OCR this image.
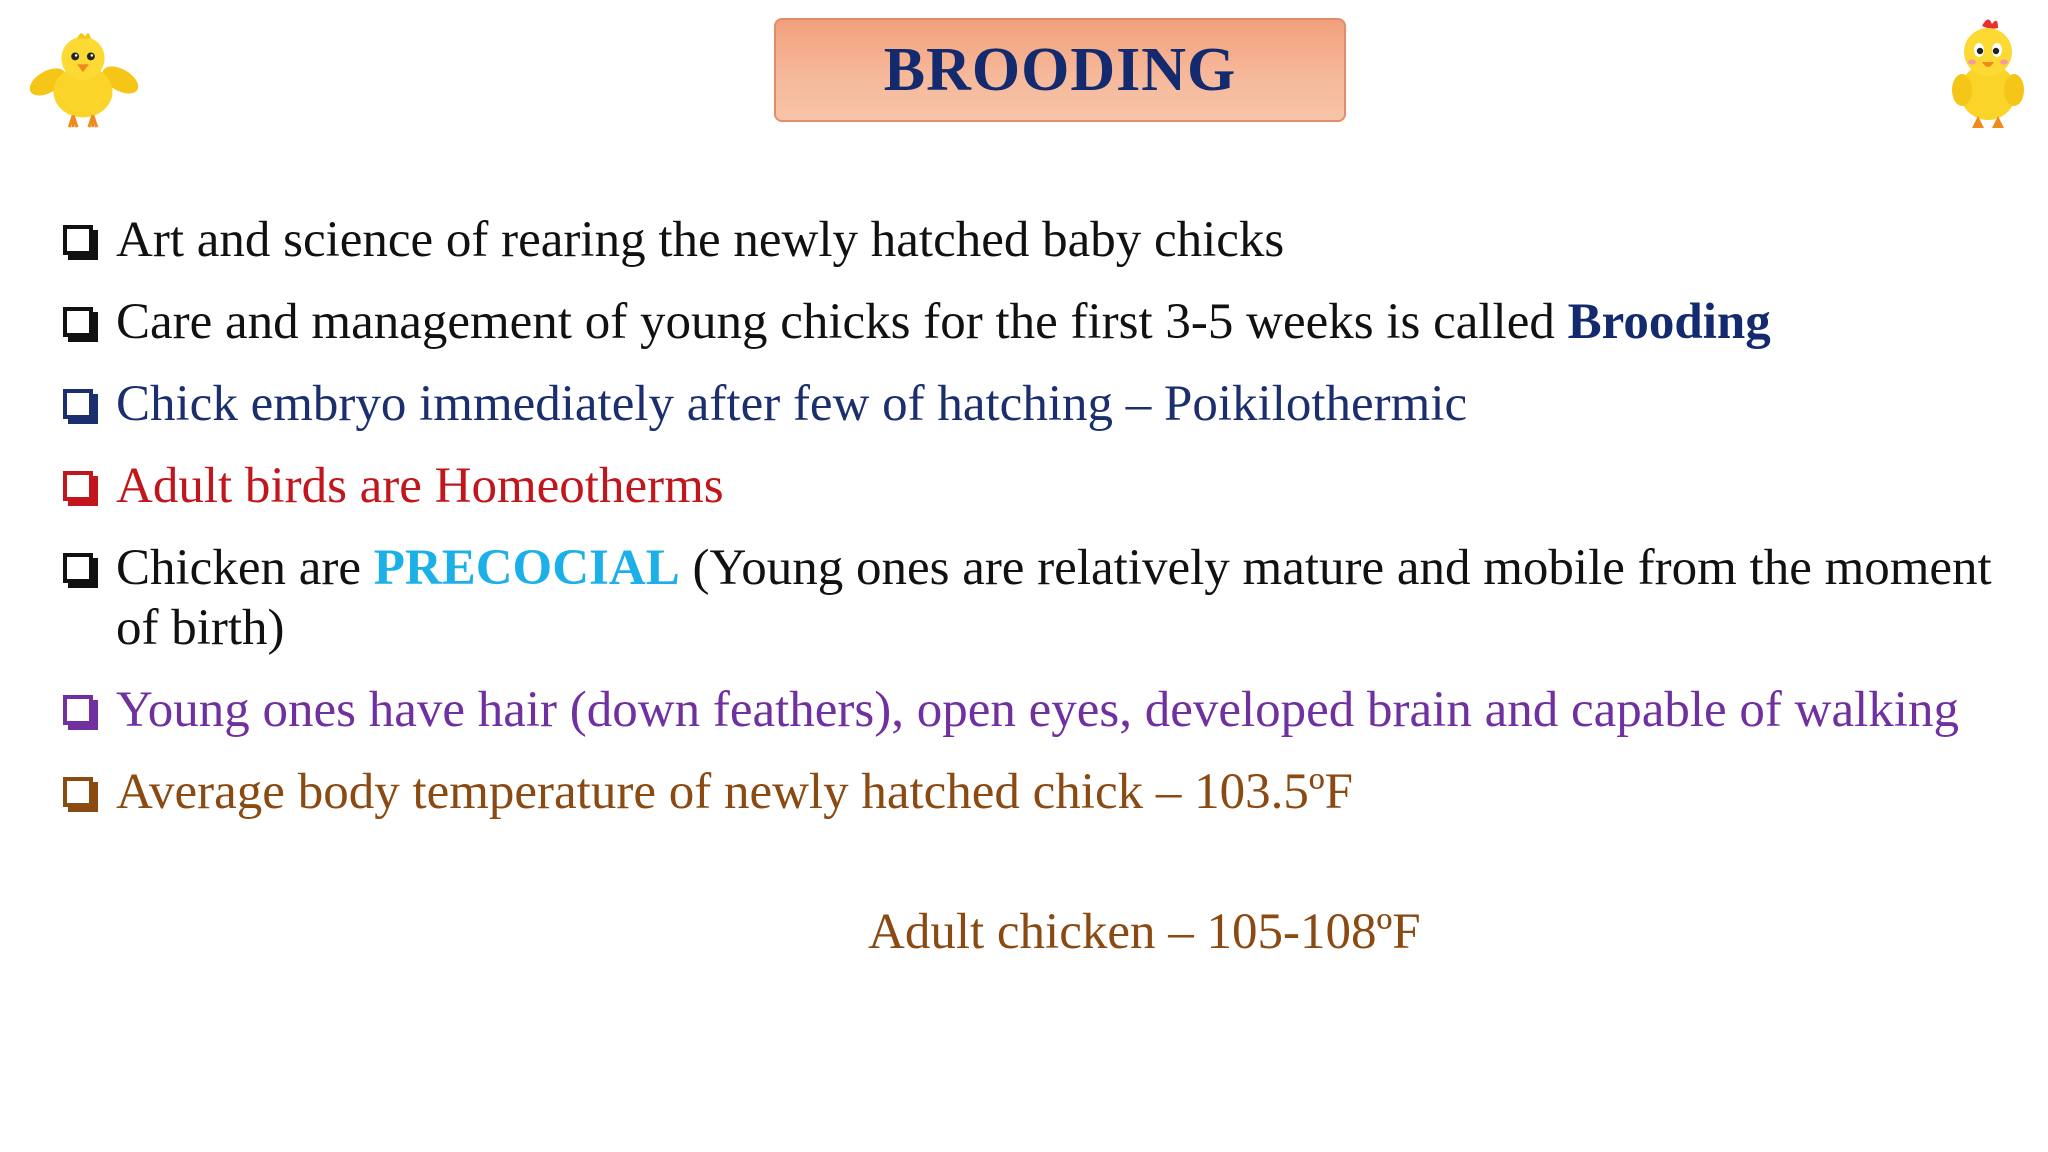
BROODING
Art and science of rearing the newly hatched baby chicks
Care and management of young chicks for the first 3-5 weeks is called Brooding
Chick embryo immediately after few of hatching – Poikilothermic
Adult birds are Homeotherms
Chicken are PRECOCIAL (Young ones are relatively mature and mobile from the moment of birth)
Young ones have hair (down feathers), open eyes, developed brain and capable of walking
Average body temperature of newly hatched chick – 103.5ºF
Adult chicken – 105-108ºF
